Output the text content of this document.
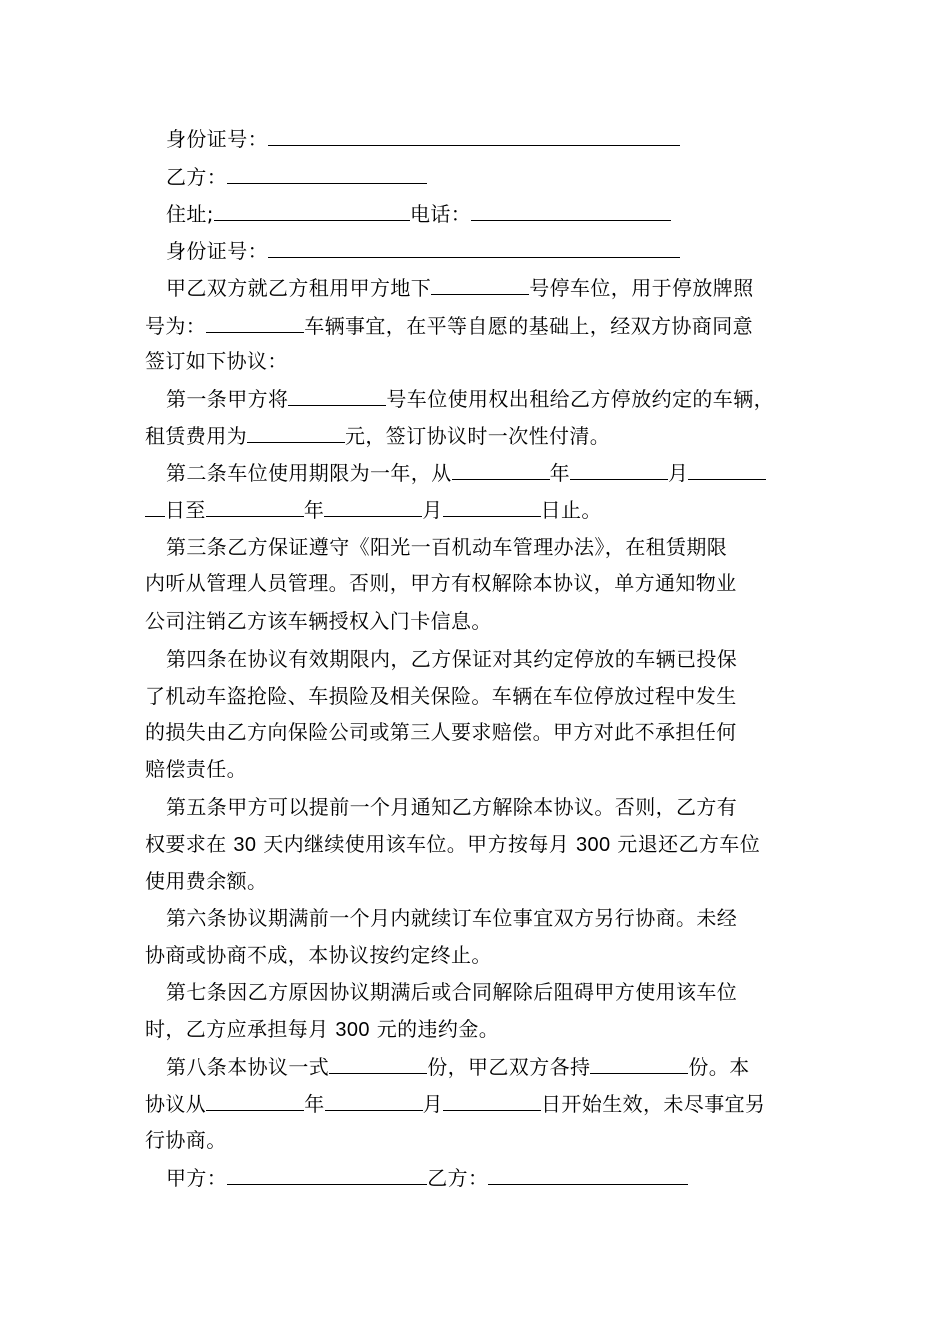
身份证号：
乙方：
住址;	电话：
身份证号：
甲乙双方就乙方租用甲方地下	号停车位，用于停放牌照
号为：	车辆事宜，在平等自愿的基础上，经双方协商同意
签订如下协议：
第一条甲方将	号车位使用权出租给乙方停放约定的车辆，
租赁费用为	元，签订协议时一次性付清。
第二条车位使用期限为一年，从	年	月
日至	年	月	日止。
第三条乙方保证遵守《阳光一百机动车管理办法》，在租赁期限
内听从管理人员管理。否则，甲方有权解除本协议，单方通知物业
公司注销乙方该车辆授权入门卡信息。
第四条在协议有效期限内，乙方保证对其约定停放的车辆已投保
了机动车盗抢险、车损险及相关保险。车辆在车位停放过程中发生
的损失由乙方向保险公司或第三人要求赔偿。甲方对此不承担任何
赔偿责任。
第五条甲方可以提前一个月通知乙方解除本协议。否则，乙方有
权要求在 30 天内继续使用该车位。甲方按每月 300 元退还乙方车位
使用费余额。
第六条协议期满前一个月内就续订车位事宜双方另行协商。未经
协商或协商不成，本协议按约定终止。
第七条因乙方原因协议期满后或合同解除后阻碍甲方使用该车位
时，乙方应承担每月 300 元的违约金。
第八条本协议一式	份，甲乙双方各持	份。本
协议从	年	月	日开始生效，未尽事宜另
行协商。
甲方：	乙方：
